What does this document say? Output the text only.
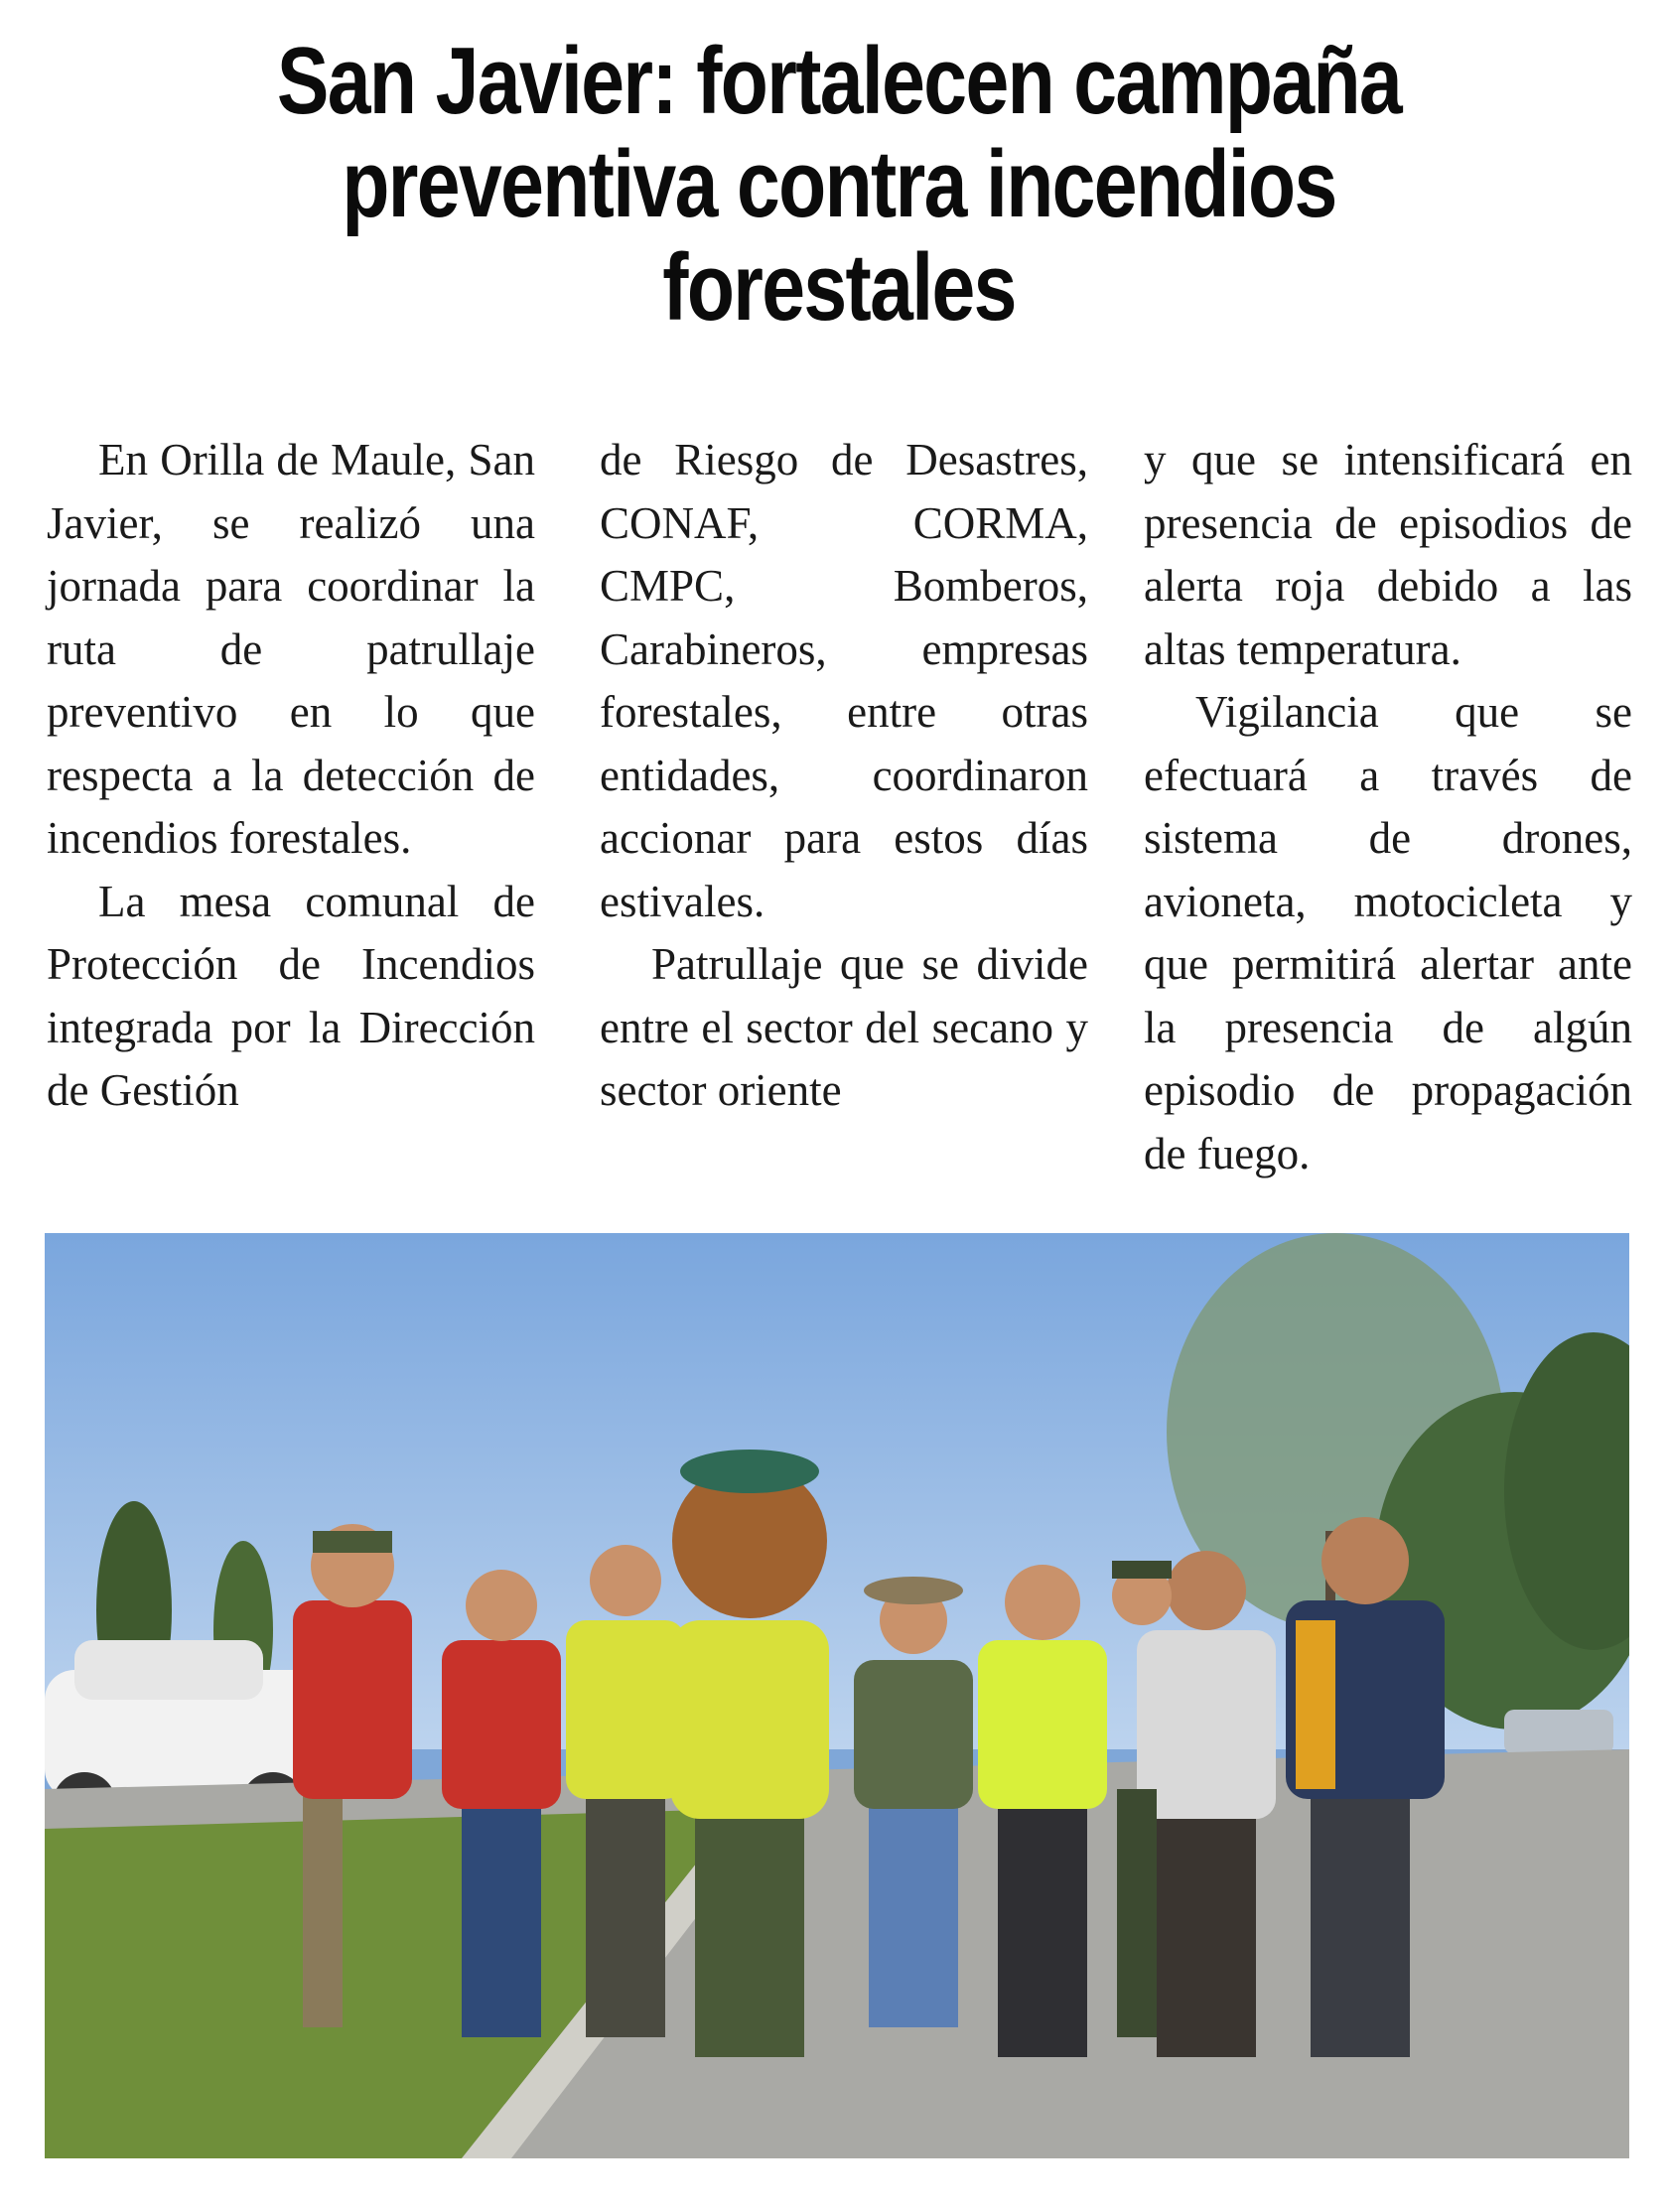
San Javier: fortalecen campaña
preventiva contra incendios
forestales

En Orilla de Maule, San Javier, se realizó una jornada para coordinar la ruta de patrullaje preventivo en lo que respecta a la detección de incendios forestales.

La mesa comunal de Protección de Incendios integrada por la Dirección de Gestión

de Riesgo de Desastres, CONAF, CORMA, CMPC, Bomberos, Carabineros, empresas forestales, entre otras entidades, coordinaron accionar para estos días estivales.

Patrullaje que se divide entre el sector del secano y sector oriente

y que se intensificará en presencia de episodios de alerta roja debido a las altas temperatura.

Vigilancia que se efectuará a través de sistema de drones, avioneta, motocicleta y que permitirá alertar ante la presencia de algún episodio de propagación de fuego.
